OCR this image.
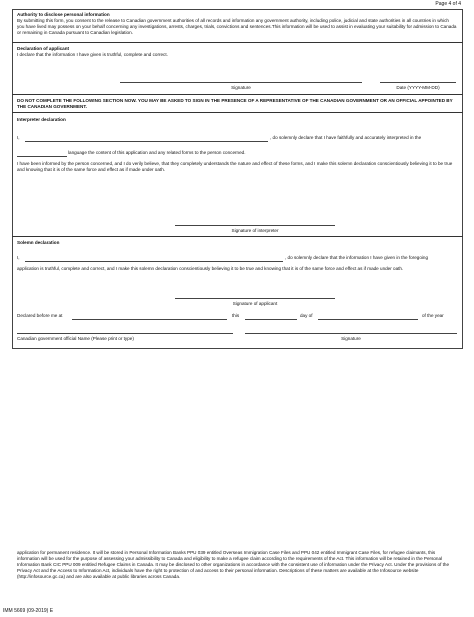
Page 4 of 4
Authority to disclose personal information
By submitting this form, you consent to the release to Canadian government authorities of all records and information any government authority, including police, judicial and state authorities in all countries in which you have lived may possess on your behalf concerning any investigations, arrests, charges, trials, convictions and sentences.This information will be used to assist in evaluating your suitability for admission to Canada or remaining in Canada pursuant to Canadian legislation.
Declaration of applicant
I declare that the information I have given is truthful, complete and correct.
Signature	Date (YYYY-MM-DD)
DO NOT COMPLETE THE FOLLOWING SECTION NOW. YOU MAY BE ASKED TO SIGN IN THE PRESENCE OF A REPRESENTATIVE OF THE CANADIAN GOVERNMENT OR AN OFFICIAL APPOINTED BY THE CANADIAN GOVERNMENT.
Interpreter declaration
I,	, do solemnly declare that I have faithfully and accurately interpreted in the
language the content of this application and any related forms to the person concerned.
I have been informed by the person concerned, and I do verily believe, that they completely understands the nature and effect of these forms, and I make this solemn declaration conscientiously believing it to be true and knowing that it is of the same force and effect as if made under oath.
Signature of interpreter
Solemn declaration
I,	, do solemnly declare that the information I have given in the foregoing
application is truthful, complete and correct, and I make this solemn declaration conscientiously believing it to be true and knowing that it is of the same force and effect as if made under oath.
Signature of applicant
Declared before me at	this	day of	of the year
Canadian government official Name (Please print or type)	Signature
application for permanent residence. It will be stored in Personal Information Banks PPU 039 entitled Overseas Immigration Case Files and PPU 042 entitled Immigrant Case Files, for refugee claimants, this information will be used for the purpose of assessing your admissibility to Canada and eligibility to make a refugee claim according to the requirements of the Act. This information will be retained in the Personal Information Bank CIC PPU 009 entitled Refugee Claims in Canada. It may be disclosed to other organizations in accordance with the consistent use of information under the Privacy Act. Under the provisions of the Privacy Act and the Access to Information Act, individuals have the right to protection of and access to their personal information. Descriptions of these matters are available at the Infosource website (http://infosource.gc.ca) and are also available at public libraries across Canada.
IMM 5669 (09-2019) E
